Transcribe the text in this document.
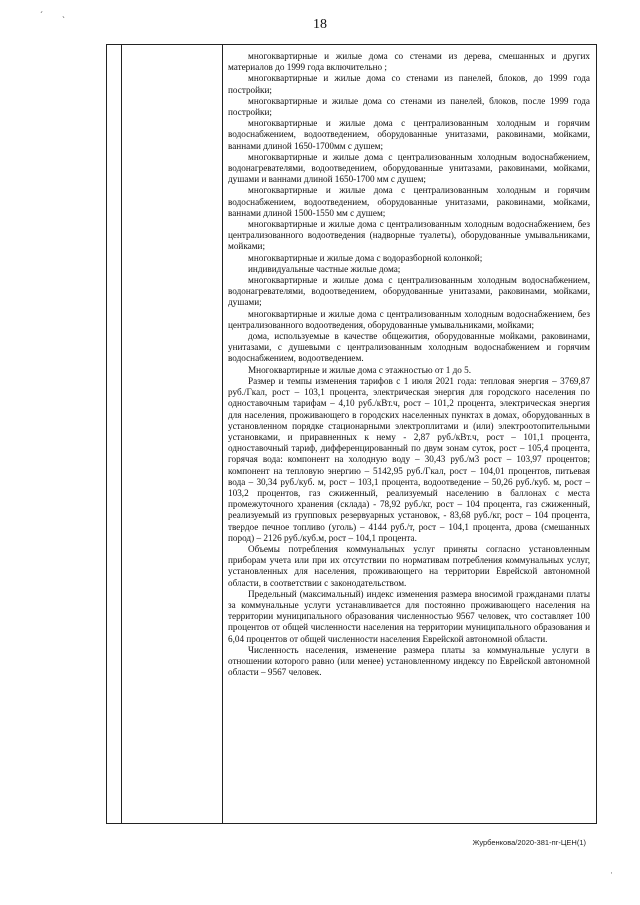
ˊ ˎ
18

многоквартирные и жилые дома со стенами из дерева, смешанных и других материалов до 1999 года включительно ;

многоквартирные и жилые дома со стенами из панелей, блоков, до 1999 года постройки;

многоквартирные и жилые дома со стенами из панелей, блоков, после 1999 года постройки;

многоквартирные и жилые дома с централизованным холодным и горячим водоснабжением, водоотведением, оборудованные унитазами, раковинами, мойками, ваннами длиной 1650-1700мм с душем;

многоквартирные и жилые дома с централизованным холодным водоснабжением, водонагревателями, водоотведением, оборудованные унитазами, раковинами, мойками, душами и ваннами длиной 1650-1700 мм с душем;

многоквартирные и жилые дома с централизованным холодным и горячим водоснабжением, водоотведением, оборудованные унитазами, раковинами, мойками, ваннами длиной 1500-1550 мм с душем;

многоквартирные и жилые дома с централизованным холодным водоснабжением, без централизованного водоотведения (надворные туалеты), оборудованные умывальниками, мойками;

многоквартирные и жилые дома с водоразборной колонкой;

индивидуальные частные жилые дома;

многоквартирные и жилые дома с централизованным холодным водоснабжением, водонагревателями, водоотведением, оборудованные унитазами, раковинами, мойками, душами;

многоквартирные и жилые дома с централизованным холодным водоснабжением, без централизованного водоотведения, оборудованные умывальниками, мойками;

дома, используемые в качестве общежития, оборудованные мойками, раковинами, унитазами, с душевыми с централизованным холодным водоснабжением и горячим водоснабжением, водоотведением.

Многоквартирные и жилые дома с этажностью от 1 до 5.

Размер и темпы изменения тарифов с 1 июля 2021 года: тепловая энергия – 3769,87 руб./Гкал, рост – 103,1 процента, электрическая энергия для городского населения по одноставочным тарифам – 4,10 руб./кВт.ч, рост – 101,2 процента, электрическая энергия для населения, проживающего в городских населенных пунктах в домах, оборудованных в установленном порядке стационарными электроплитами и (или) электроотопительными установками, и приравненных к нему - 2,87 руб./кВт.ч, рост – 101,1 процента, одноставочный тариф, дифференцированный по двум зонам суток, рост – 105,4 процента, горячая вода: компонент на холодную воду – 30,43 руб./м3 рост – 103,97 процентов; компонент на тепловую энергию – 5142,95 руб./Гкал, рост – 104,01 процентов, питьевая вода – 30,34 руб./куб. м, рост – 103,1 процента, водоотведение – 50,26 руб./куб. м, рост – 103,2 процентов, газ сжиженный, реализуемый населению в баллонах с места промежуточного хранения (склада) - 78,92 руб./кг, рост – 104 процента, газ сжиженный, реализуемый из групповых резервуарных установок, - 83,68 руб./кг, рост – 104 процента, твердое печное топливо (уголь) – 4144 руб./т, рост – 104,1 процента, дрова (смешанных пород) – 2126 руб./куб.м, рост – 104,1 процента.

Объемы потребления коммунальных услуг приняты согласно установленным приборам учета или при их отсутствии по нормативам потребления коммунальных услуг, установленных для населения, проживающего на территории Еврейской автономной области, в соответствии с законодательством.

Предельный (максимальный) индекс изменения размера вносимой гражданами платы за коммунальные услуги устанавливается для постоянно проживающего населения на территории муниципального образования численностью 9567 человек, что составляет 100 процентов от общей численности населения на территории муниципального образования и 6,04 процентов от общей численности населения Еврейской автономной области.

Численность населения, изменение размера платы за коммунальные услуги в отношении которого равно (или менее) установленному индексу по Еврейской автономной области – 9567 человек.

Журбенкова/2020-381-пг-ЦЕН(1)
·
